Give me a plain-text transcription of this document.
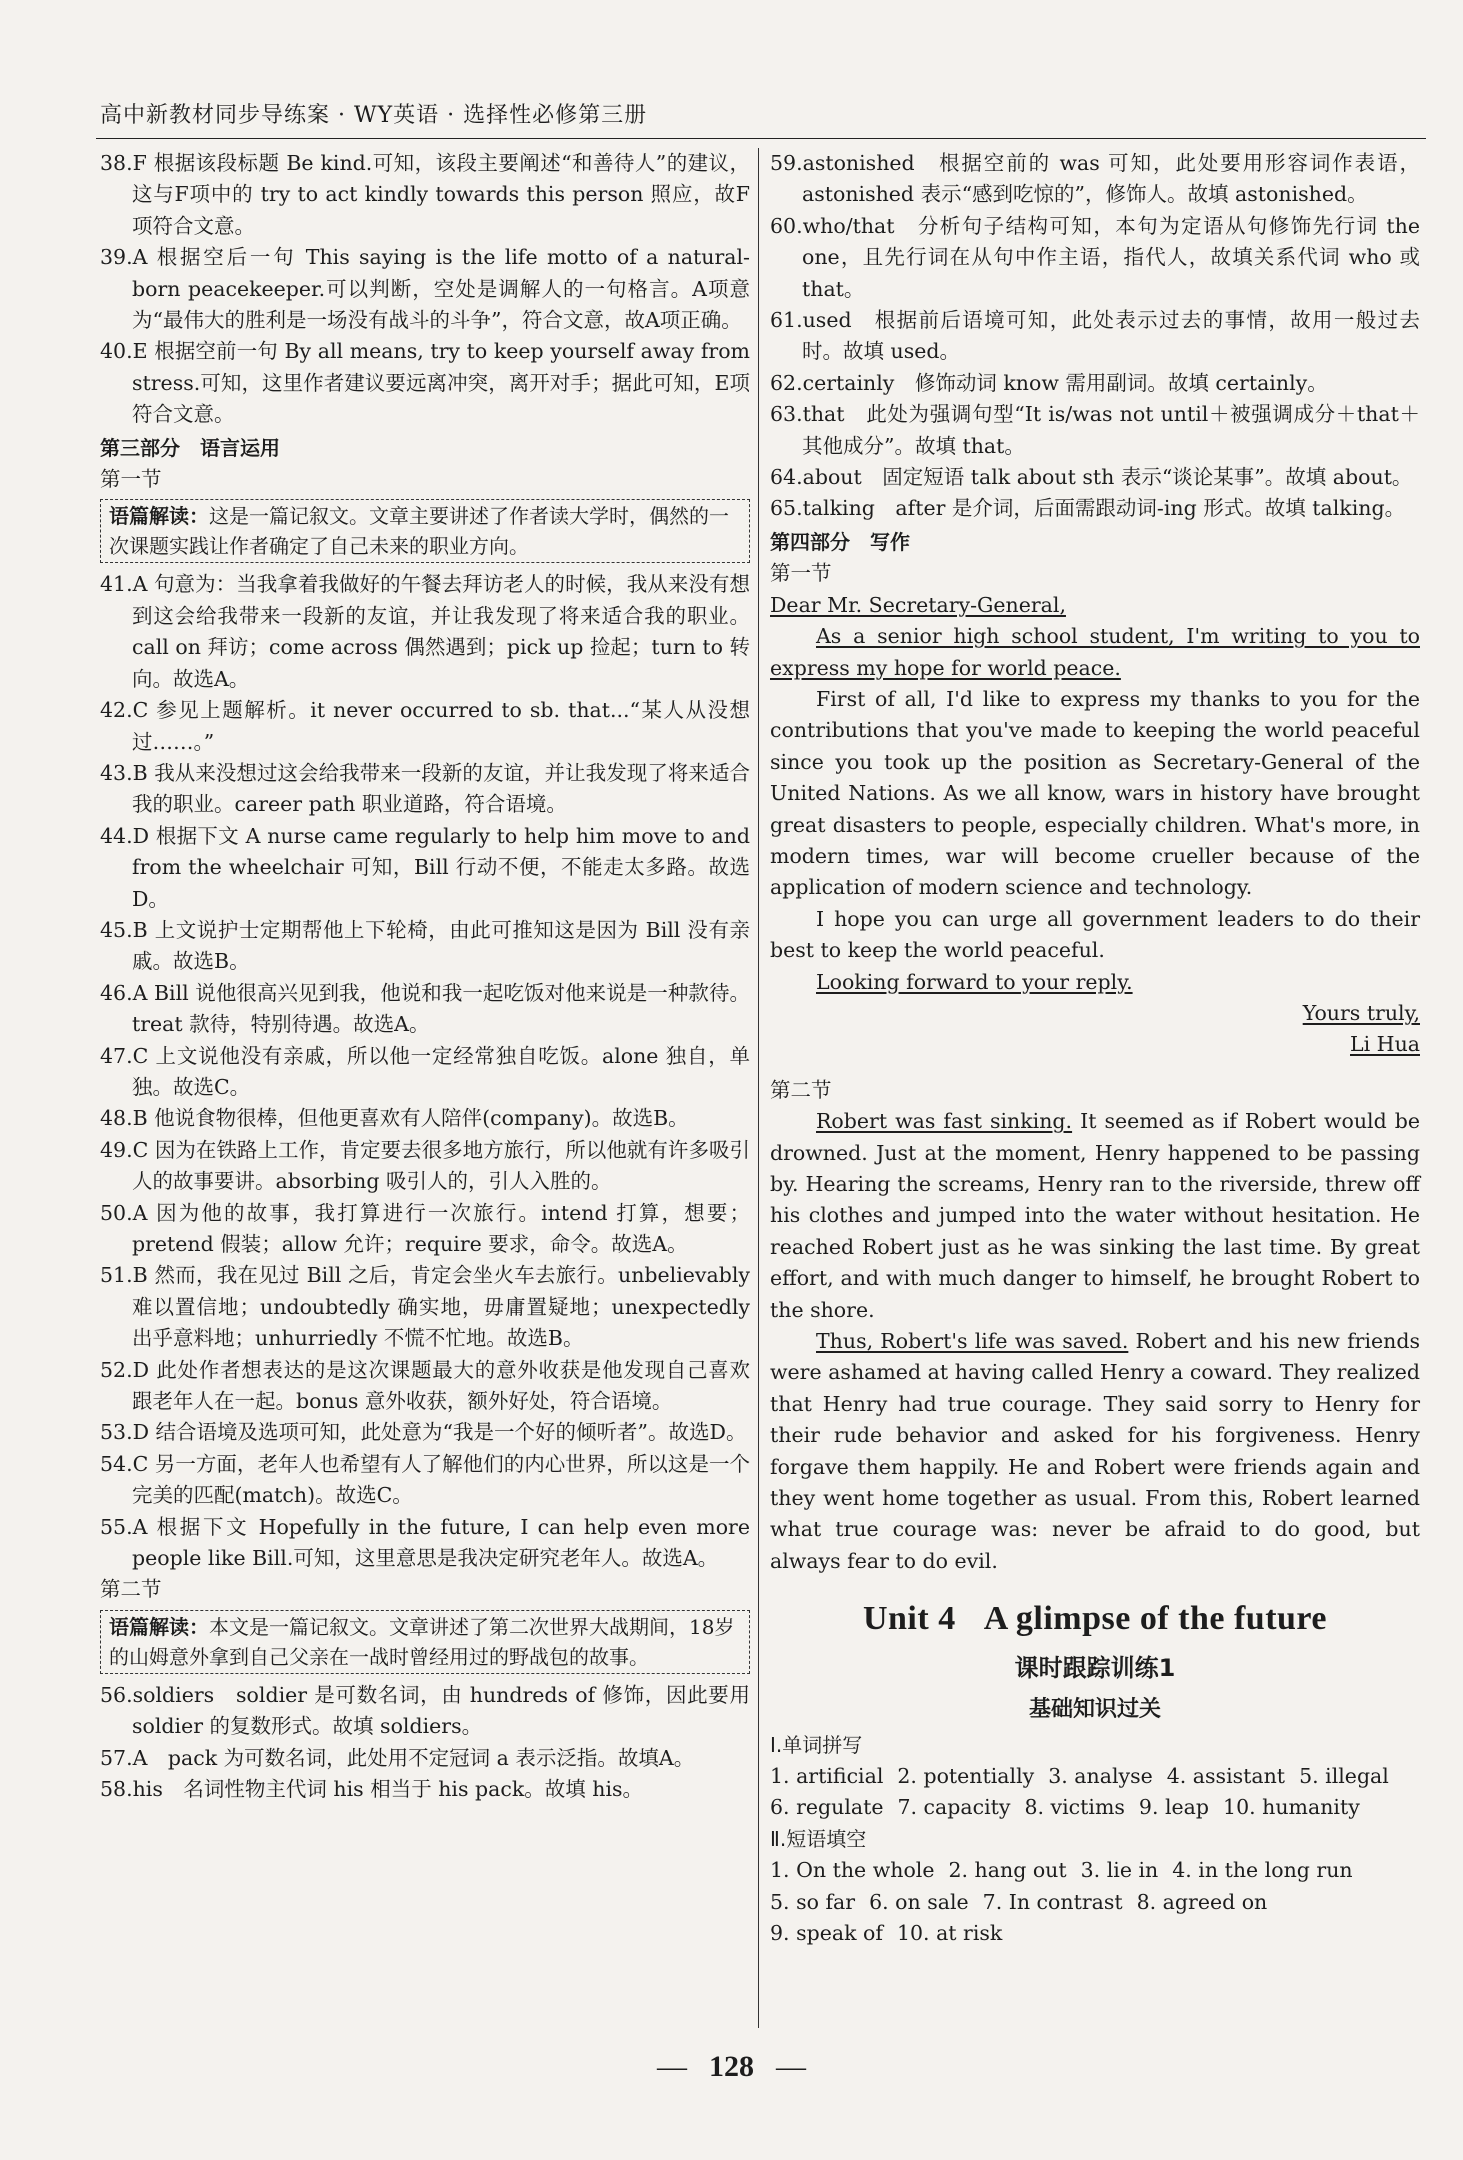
高中新教材同步导练案 · WY英语 · 选择性必修第三册

38.F 根据该段标题 Be kind.可知，该段主要阐述“和善待人”的建议，这与F项中的 try to act kindly towards this person 照应，故F项符合文意。

39.A 根据空后一句 This saying is the life motto of a natural-born peacekeeper.可以判断，空处是调解人的一句格言。A项意为“最伟大的胜利是一场没有战斗的斗争”，符合文意，故A项正确。

40.E 根据空前一句 By all means, try to keep yourself away from stress.可知，这里作者建议要远离冲突，离开对手；据此可知，E项符合文意。

第三部分　语言运用

第一节

语篇解读：这是一篇记叙文。文章主要讲述了作者读大学时，偶然的一次课题实践让作者确定了自己未来的职业方向。

41.A 句意为：当我拿着我做好的午餐去拜访老人的时候，我从来没有想到这会给我带来一段新的友谊，并让我发现了将来适合我的职业。call on 拜访；come across 偶然遇到；pick up 捡起；turn to 转向。故选A。

42.C 参见上题解析。it never occurred to sb. that...“某人从没想过……。”

43.B 我从来没想过这会给我带来一段新的友谊，并让我发现了将来适合我的职业。career path 职业道路，符合语境。

44.D 根据下文 A nurse came regularly to help him move to and from the wheelchair 可知，Bill 行动不便，不能走太多路。故选D。

45.B 上文说护士定期帮他上下轮椅，由此可推知这是因为 Bill 没有亲戚。故选B。

46.A Bill 说他很高兴见到我，他说和我一起吃饭对他来说是一种款待。treat 款待，特别待遇。故选A。

47.C 上文说他没有亲戚，所以他一定经常独自吃饭。alone 独自，单独。故选C。

48.B 他说食物很棒，但他更喜欢有人陪伴(company)。故选B。

49.C 因为在铁路上工作，肯定要去很多地方旅行，所以他就有许多吸引人的故事要讲。absorbing 吸引人的，引人入胜的。

50.A 因为他的故事，我打算进行一次旅行。intend 打算，想要；pretend 假装；allow 允许；require 要求，命令。故选A。

51.B 然而，我在见过 Bill 之后，肯定会坐火车去旅行。unbelievably 难以置信地；undoubtedly 确实地，毋庸置疑地；unexpectedly 出乎意料地；unhurriedly 不慌不忙地。故选B。

52.D 此处作者想表达的是这次课题最大的意外收获是他发现自己喜欢跟老年人在一起。bonus 意外收获，额外好处，符合语境。

53.D 结合语境及选项可知，此处意为“我是一个好的倾听者”。故选D。

54.C 另一方面，老年人也希望有人了解他们的内心世界，所以这是一个完美的匹配(match)。故选C。

55.A 根据下文 Hopefully in the future, I can help even more people like Bill.可知，这里意思是我决定研究老年人。故选A。

第二节

语篇解读：本文是一篇记叙文。文章讲述了第二次世界大战期间，18岁的山姆意外拿到自己父亲在一战时曾经用过的野战包的故事。

56.soldiers　soldier 是可数名词，由 hundreds of 修饰，因此要用 soldier 的复数形式。故填 soldiers。

57.A　pack 为可数名词，此处用不定冠词 a 表示泛指。故填A。

58.his　名词性物主代词 his 相当于 his pack。故填 his。

59.astonished　根据空前的 was 可知，此处要用形容词作表语，astonished 表示“感到吃惊的”，修饰人。故填 astonished。

60.who/that　分析句子结构可知，本句为定语从句修饰先行词 the one，且先行词在从句中作主语，指代人，故填关系代词 who 或 that。

61.used　根据前后语境可知，此处表示过去的事情，故用一般过去时。故填 used。

62.certainly　修饰动词 know 需用副词。故填 certainly。

63.that　此处为强调句型“It is/was not until＋被强调成分＋that＋其他成分”。故填 that。

64.about　固定短语 talk about sth 表示“谈论某事”。故填 about。

65.talking　after 是介词，后面需跟动词-ing 形式。故填 talking。

第四部分　写作

第一节

Dear Mr. Secretary-General,

As a senior high school student, I'm writing to you to express my hope for world peace.

First of all, I'd like to express my thanks to you for the contributions that you've made to keeping the world peaceful since you took up the position as Secretary-General of the United Nations. As we all know, wars in history have brought great disasters to people, especially children. What's more, in modern times, war will become crueller because of the application of modern science and technology.

I hope you can urge all government leaders to do their best to keep the world peaceful.

Looking forward to your reply.

Yours truly,

Li Hua

第二节

Robert was fast sinking. It seemed as if Robert would be drowned. Just at the moment, Henry happened to be passing by. Hearing the screams, Henry ran to the riverside, threw off his clothes and jumped into the water without hesitation. He reached Robert just as he was sinking the last time. By great effort, and with much danger to himself, he brought Robert to the shore.

Thus, Robert's life was saved. Robert and his new friends were ashamed at having called Henry a coward. They realized that Henry had true courage. They said sorry to Henry for their rude behavior and asked for his forgiveness. Henry forgave them happily. He and Robert were friends again and they went home together as usual. From this, Robert learned what true courage was: never be afraid to do good, but always fear to do evil.

Unit 4 A glimpse of the future
课时跟踪训练1
基础知识过关

Ⅰ.单词拼写

1. artificial 2. potentially 3. analyse 4. assistant 5. illegal

6. regulate 7. capacity 8. victims 9. leap 10. humanity

Ⅱ.短语填空

1. On the whole 2. hang out 3. lie in 4. in the long run

5. so far 6. on sale 7. In contrast 8. agreed on

9. speak of 10. at risk

— 128 —
